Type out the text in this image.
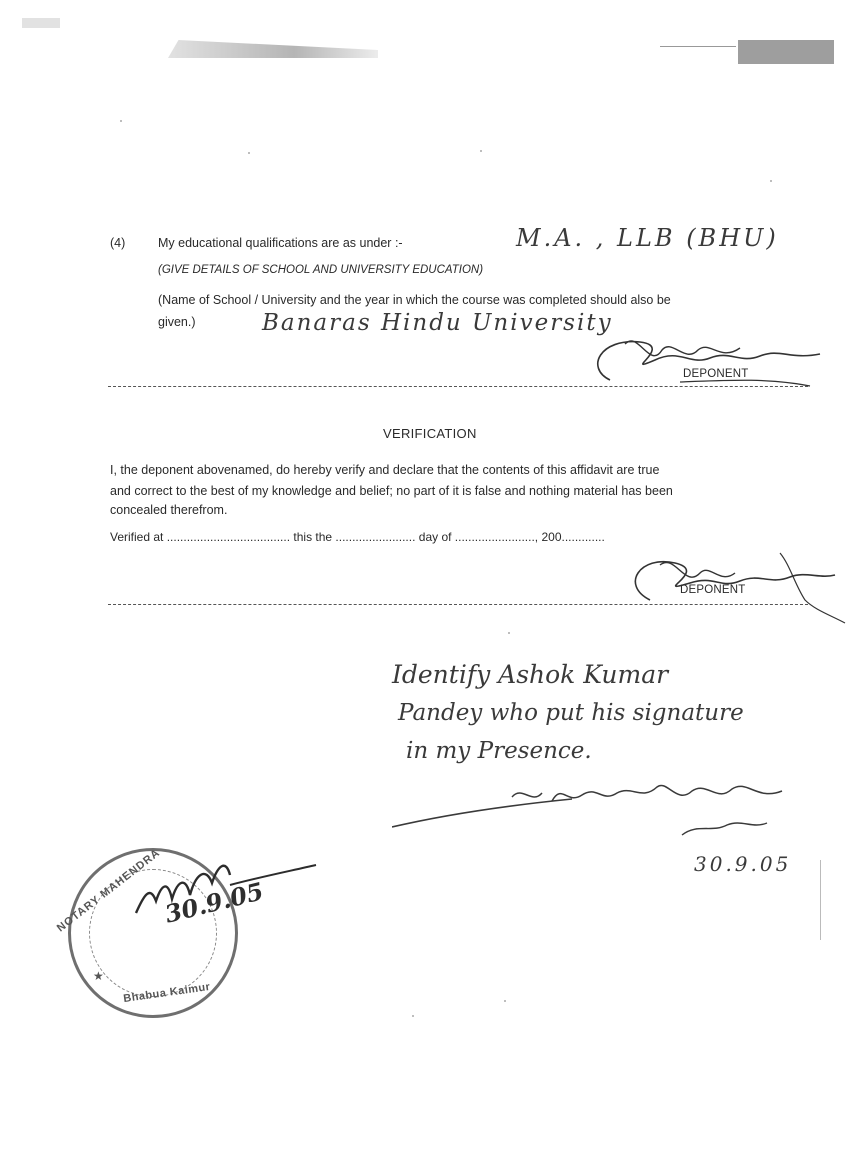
(4)	My educational qualifications are as under :-	M.A. , LLB (BHU)
(GIVE DETAILS OF SCHOOL AND UNIVERSITY EDUCATION)
(Name of School / University and the year in which the course was completed should also be
given.)	Banaras Hindu University
DEPONENT
VERIFICATION
I, the deponent abovenamed, do hereby verify and declare that the contents of this affidavit are true
and correct to the best of my knowledge and belief; no part of it is false and nothing material has been
concealed therefrom.
Verified at ..................................... this the ........................ day of ........................, 200.............
DEPONENT
Identify Ashok Kumar
Pandey who put his signature
in my Presence.
30.9.05
NOTARY MAHENDRA
Bhabua Kaimur
★
30.9.05
